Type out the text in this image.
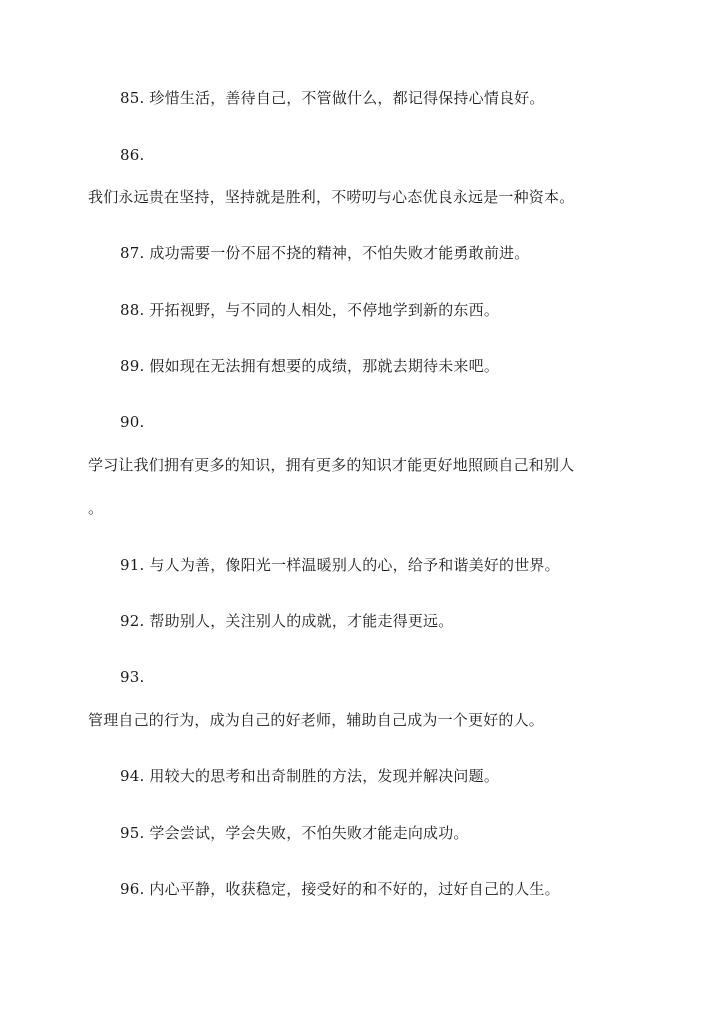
85. 珍惜生活，善待自己，不管做什么，都记得保持心情良好。
86.
我们永远贵在坚持，坚持就是胜利，不唠叨与心态优良永远是一种资本。
87. 成功需要一份不屈不挠的精神，不怕失败才能勇敢前进。
88. 开拓视野，与不同的人相处，不停地学到新的东西。
89. 假如现在无法拥有想要的成绩，那就去期待未来吧。
90.
学习让我们拥有更多的知识，拥有更多的知识才能更好地照顾自己和别人
。
91. 与人为善，像阳光一样温暖别人的心，给予和谐美好的世界。
92. 帮助别人，关注别人的成就，才能走得更远。
93.
管理自己的行为，成为自己的好老师，辅助自己成为一个更好的人。
94. 用较大的思考和出奇制胜的方法，发现并解决问题。
95. 学会尝试，学会失败，不怕失败才能走向成功。
96. 内心平静，收获稳定，接受好的和不好的，过好自己的人生。
